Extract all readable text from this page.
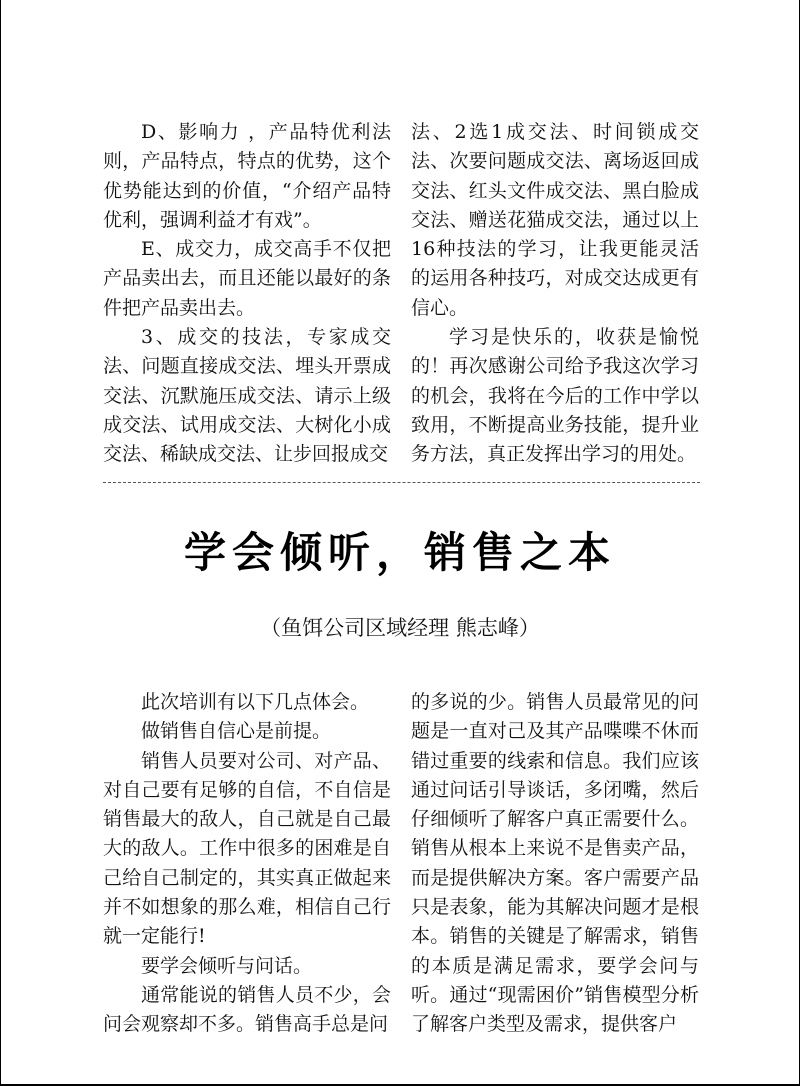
D、影响力 ，产品特优利法则，产品特点，特点的优势，这个优势能达到的价值，“介绍产品特优利，强调利益才有戏”。

E、成交力，成交高手不仅把产品卖出去，而且还能以最好的条件把产品卖出去。

3、成交的技法，专家成交法、问题直接成交法、埋头开票成交法、沉默施压成交法、请示上级成交法、试用成交法、大树化小成交法、稀缺成交法、让步回报成交

法、2选1成交法、时间锁成交法、次要问题成交法、离场返回成交法、红头文件成交法、黑白脸成交法、赠送花猫成交法，通过以上16种技法的学习，让我更能灵活的运用各种技巧，对成交达成更有信心。

学习是快乐的，收获是愉悦的！再次感谢公司给予我这次学习的机会，我将在今后的工作中学以致用，不断提高业务技能，提升业务方法，真正发挥出学习的用处。

学会倾听，销售之本
（鱼饵公司区域经理 熊志峰）

此次培训有以下几点体会。

做销售自信心是前提。

销售人员要对公司、对产品、对自己要有足够的自信，不自信是销售最大的敌人，自己就是自己最大的敌人。工作中很多的困难是自己给自己制定的，其实真正做起来并不如想象的那么难，相信自己行就一定能行!

要学会倾听与问话。

通常能说的销售人员不少，会问会观察却不多。销售高手总是问

的多说的少。销售人员最常见的问题是一直对己及其产品喋喋不休而错过重要的线索和信息。我们应该通过问话引导谈话，多闭嘴，然后仔细倾听了解客户真正需要什么。销售从根本上来说不是售卖产品，而是提供解决方案。客户需要产品只是表象，能为其解决问题才是根本。销售的关键是了解需求，销售的本质是满足需求，要学会问与听。通过“现需困价”销售模型分析了解客户类型及需求，提供客户
